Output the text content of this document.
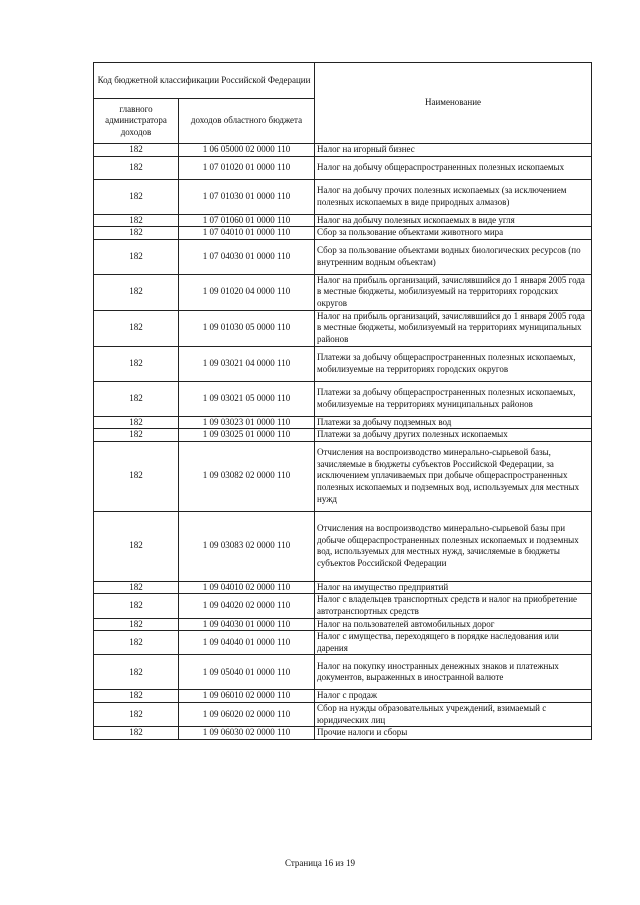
Код бюджетной классификации Российской Федерации		Наименование
главного администратора доходов	доходов областного бюджета	
182	1 06 05000 02 0000 110	Налог на игорный бизнес
182	1 07 01020 01 0000 110	Налог на добычу общераспространенных полезных ископаемых
182	1 07 01030 01 0000 110	Налог на добычу прочих полезных ископаемых (за исключением полезных ископаемых в виде природных алмазов)
182	1 07 01060 01 0000 110	Налог на добычу полезных ископаемых в виде угля
182	1 07 04010 01 0000 110	Сбор за пользование объектами животного мира
182	1 07 04030 01 0000 110	Сбор за пользование объектами водных биологических ресурсов (по внутренним водным объектам)
182	1 09 01020 04 0000 110	Налог на прибыль организаций, зачислявшийся до 1 января 2005 года в местные бюджеты, мобилизуемый на территориях городских округов
182	1 09 01030 05 0000 110	Налог на прибыль организаций, зачислявшийся до 1 января 2005 года в местные бюджеты, мобилизуемый на территориях муниципальных районов
182	1 09 03021 04 0000 110	Платежи за добычу общераспространенных полезных ископаемых, мобилизуемые на территориях городских округов
182	1 09 03021 05 0000 110	Платежи за добычу общераспространенных полезных ископаемых, мобилизуемые на территориях муниципальных районов
182	1 09 03023 01 0000 110	Платежи за добычу подземных вод
182	1 09 03025 01 0000 110	Платежи за добычу других полезных ископаемых
182	1 09 03082 02 0000 110	Отчисления на воспроизводство минерально-сырьевой базы, зачисляемые в бюджеты субъектов Российской Федерации, за исключением уплачиваемых при добыче общераспространенных полезных ископаемых и подземных вод, используемых для местных нужд
182	1 09 03083 02 0000 110	Отчисления на воспроизводство минерально-сырьевой базы при добыче общераспространенных полезных ископаемых и подземных вод, используемых для местных нужд, зачисляемые в бюджеты субъектов Российской Федерации
182	1 09 04010 02 0000 110	Налог на имущество предприятий
182	1 09 04020 02 0000 110	Налог с владельцев транспортных средств и налог на приобретение автотранспортных средств
182	1 09 04030 01 0000 110	Налог на пользователей автомобильных дорог
182	1 09 04040 01 0000 110	Налог с имущества, переходящего в порядке наследования или дарения
182	1 09 05040 01 0000 110	Налог на покупку иностранных денежных знаков и платежных документов, выраженных в иностранной валюте
182	1 09 06010 02 0000 110	Налог с продаж
182	1 09 06020 02 0000 110	Сбор на нужды образовательных учреждений, взимаемый с юридических лиц
182	1 09 06030 02 0000 110	Прочие налоги и сборы
Страница 16 из 19
